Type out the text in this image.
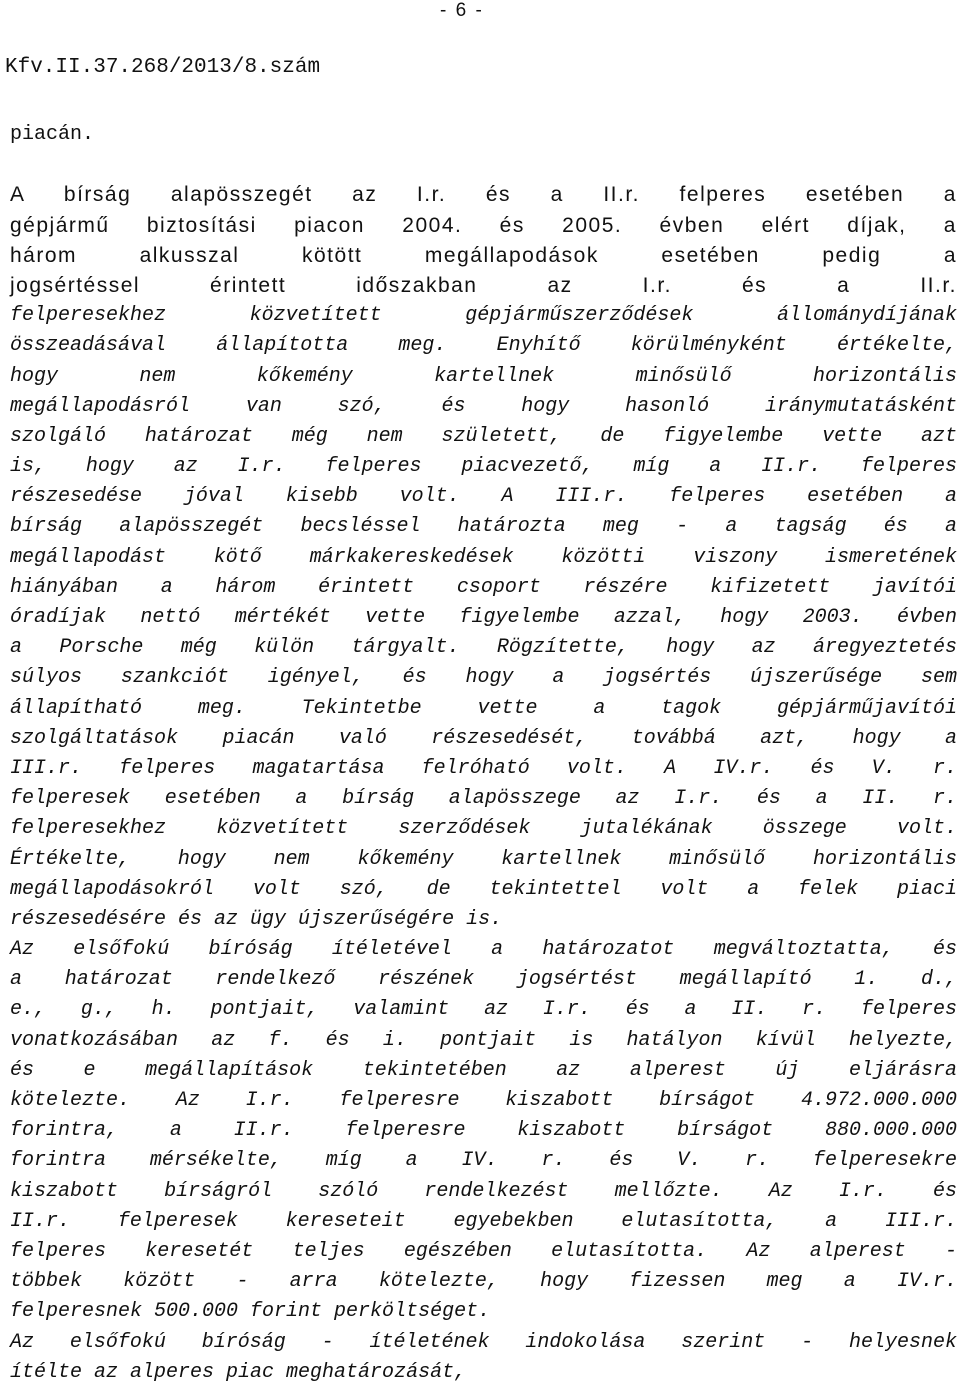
- 6 -
Kfv.II.37.268/2013/8.szám
piacán.
A bírság alapösszegét az I.r. és a II.r. felperes esetében a
gépjármű biztosítási piacon 2004. és 2005. évben elért díjak, a
három alkusszal kötött megállapodások esetében pedig a
jogsértéssel érintett időszakban az I.r. és a II.r.
felperesekhez közvetített gépjárműszerződések állománydíjának
összeadásával állapította meg. Enyhítő körülményként értékelte,
hogy nem kőkemény kartellnek minősülő horizontális
megállapodásról van szó, és hogy hasonló iránymutatásként
szolgáló határozat még nem született, de figyelembe vette azt
is, hogy az I.r. felperes piacvezető, míg a II.r. felperes
részesedése jóval kisebb volt. A III.r. felperes esetében a
bírság alapösszegét becsléssel határozta meg - a tagság és a
megállapodást kötő márkakereskedések közötti viszony ismeretének
hiányában a három érintett csoport részére kifizetett javítói
óradíjak nettó mértékét vette figyelembe azzal, hogy 2003. évben
a Porsche még külön tárgyalt. Rögzítette, hogy az áregyeztetés
súlyos szankciót igényel, és hogy a jogsértés újszerűsége sem
állapítható meg. Tekintetbe vette a tagok gépjárműjavítói
szolgáltatások piacán való részesedését, továbbá azt, hogy a
III.r. felperes magatartása felróható volt. A IV.r. és V. r.
felperesek esetében a bírság alapösszege az I.r. és a II. r.
felperesekhez közvetített szerződések jutalékának összege volt.
Értékelte, hogy nem kőkemény kartellnek minősülő horizontális
megállapodásokról volt szó, de tekintettel volt a felek piaci
részesedésére és az ügy újszerűségére is.
Az elsőfokú bíróság ítéletével a határozatot megváltoztatta, és
a határozat rendelkező részének jogsértést megállapító 1. d.,
e., g., h. pontjait, valamint az I.r. és a II. r. felperes
vonatkozásában az f. és i. pontjait is hatályon kívül helyezte,
és e megállapítások tekintetében az alperest új eljárásra
kötelezte. Az I.r. felperesre kiszabott bírságot 4.972.000.000
forintra, a II.r. felperesre kiszabott bírságot 880.000.000
forintra mérsékelte, míg a IV. r. és V. r. felperesekre
kiszabott bírságról szóló rendelkezést mellőzte. Az I.r. és
II.r. felperesek kereseteit egyebekben elutasította, a III.r.
felperes keresetét teljes egészében elutasította. Az alperest -
többek között - arra kötelezte, hogy fizessen meg a IV.r.
felperesnek 500.000 forint perköltséget.
Az elsőfokú bíróság - ítéletének indokolása szerint - helyesnek
ítélte az alperes piac meghatározását,
